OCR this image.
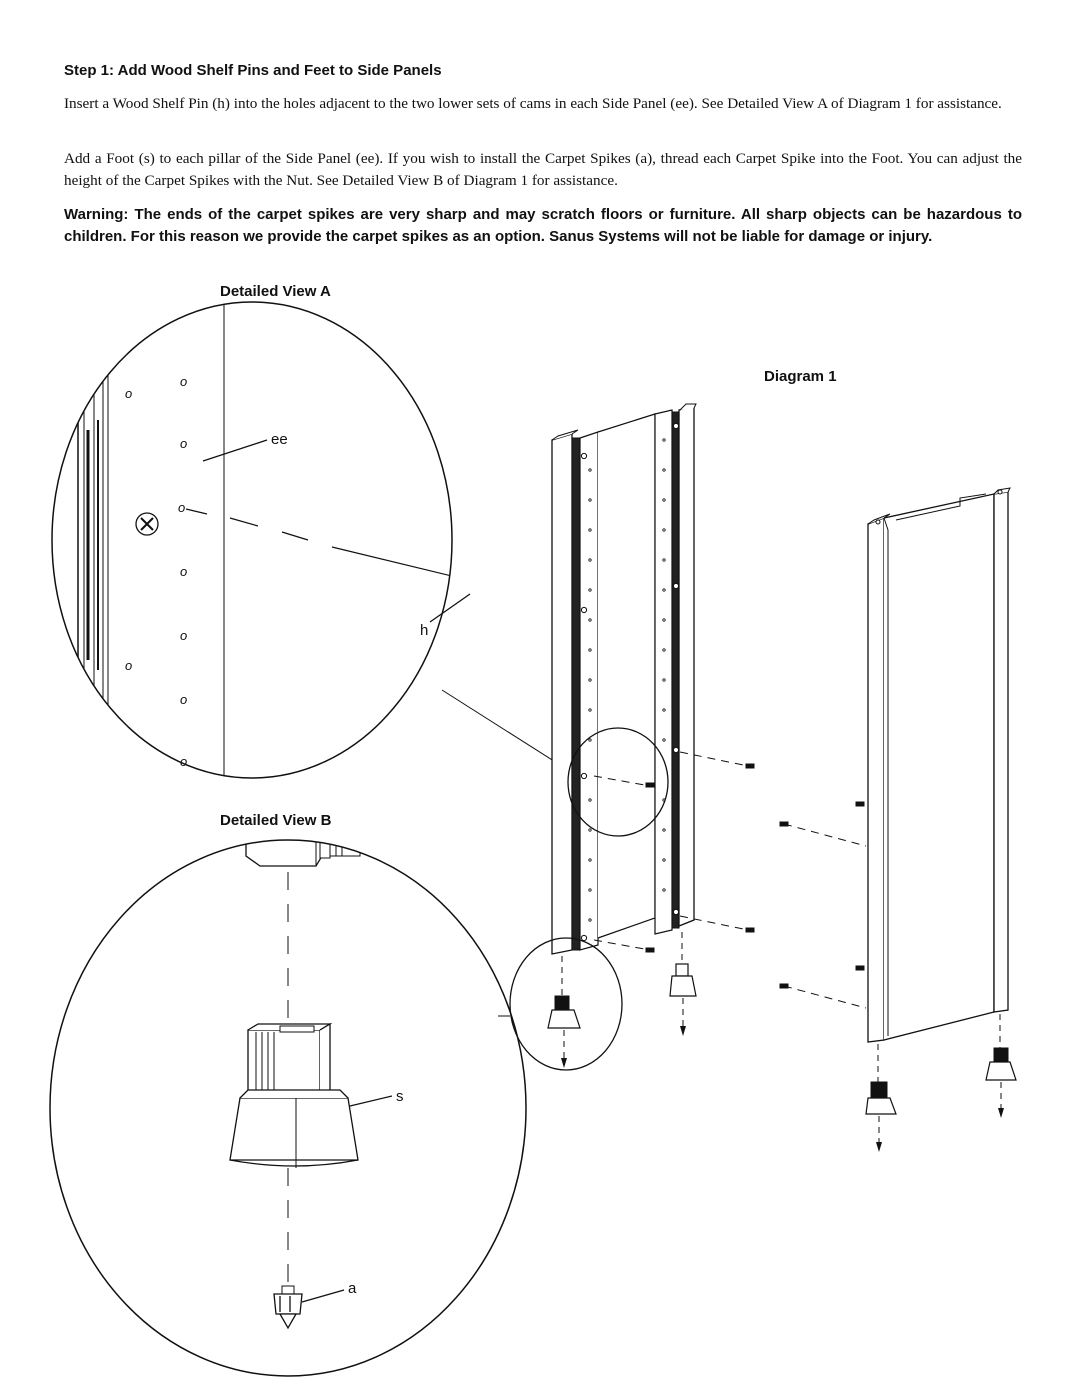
Step 1: Add Wood Shelf Pins and Feet to Side Panels
Insert a Wood Shelf Pin (h) into the holes adjacent to the two lower sets of cams in each Side Panel (ee). See Detailed View A of Diagram 1 for assistance.
Add a Foot (s) to each pillar of the Side Panel (ee). If you wish to install the Carpet Spikes (a), thread each Carpet Spike into the Foot. You can adjust the height of the Carpet Spikes with the Nut. See Detailed View B of Diagram 1 for assistance.
Warning: The ends of the carpet spikes are very sharp and may scratch floors or furniture. All sharp objects can be hazardous to children. For this reason we provide the carpet spikes as an option. Sanus Systems will not be liable for damage or injury.
Detailed View A
o
o
o
o
o
o
o
o
o
ee
h
Detailed View B
s
a
Diagram 1
